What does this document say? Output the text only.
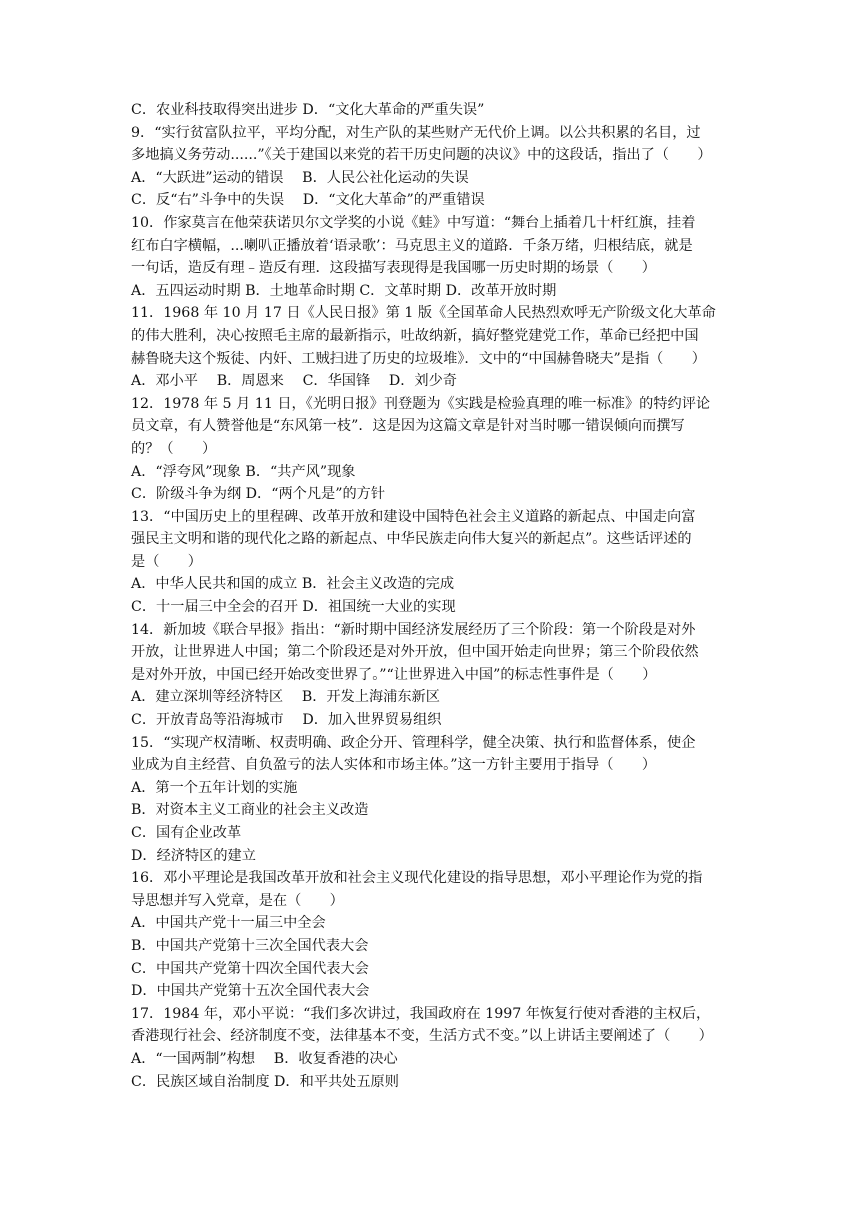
C．农业科技取得突出进步 D．“文化大革命的严重失误”
9．“实行贫富队拉平，平均分配，对生产队的某些财产无代价上调。以公共积累的名目，过
多地搞义务劳动......”《关于建国以来党的若干历史问题的决议》中的这段话，指出了（　　）
A．“大跃进”运动的错误　 B．人民公社化运动的失误
C．反“右”斗争中的失误　 D．“文化大革命”的严重错误
10．作家莫言在他荣获诺贝尔文学奖的小说《蛙》中写道：“舞台上插着几十杆红旗，挂着
红布白字横幅，...喇叭正播放着‘语录歌’：马克思主义的道路．千条万绪，归根结底，就是
一句话，造反有理﹣造反有理．这段描写表现得是我国哪一历史时期的场景（　　）
A．五四运动时期 B．土地革命时期 C．文革时期 D．改革开放时期
11．1968 年 10 月 17 日《人民日报》第 1 版《全国革命人民热烈欢呼无产阶级文化大革命
的伟大胜利，决心按照毛主席的最新指示，吐故纳新，搞好整党建党工作，革命已经把中国
赫鲁晓夫这个叛徒、内奸、工贼扫进了历史的垃圾堆》．文中的“中国赫鲁晓夫”是指（　　）
A．邓小平　 B．周恩来　 C．华国锋　 D．刘少奇
12．1978 年 5 月 11 日，《光明日报》刊登题为《实践是检验真理的唯一标准》的特约评论
员文章，有人赞誉他是“东风第一枝”．这是因为这篇文章是针对当时哪一错误倾向而撰写
的？（　　）
A．“浮夸风”现象 B．“共产风”现象
C．阶级斗争为纲 D．“两个凡是”的方针
13．“中国历史上的里程碑、改革开放和建设中国特色社会主义道路的新起点、中国走向富
强民主文明和谐的现代化之路的新起点、中华民族走向伟大复兴的新起点”。这些话评述的
是（　　）
A．中华人民共和国的成立 B．社会主义改造的完成
C．十一届三中全会的召开 D．祖国统一大业的实现
14．新加坡《联合早报》指出：“新时期中国经济发展经历了三个阶段：第一个阶段是对外
开放，让世界进人中国；第二个阶段还是对外开放，但中国开始走向世界；第三个阶段依然
是对外开放，中国已经开始改变世界了。”“让世界进入中国”的标志性事件是（　　）
A．建立深圳等经济特区　 B．开发上海浦东新区
C．开放青岛等沿海城市　 D．加入世界贸易组织
15．“实现产权清晰、权责明确、政企分开、管理科学，健全决策、执行和监督体系，使企
业成为自主经营、自负盈亏的法人实体和市场主体。”这一方针主要用于指导（　　）
A．第一个五年计划的实施
B．对资本主义工商业的社会主义改造
C．国有企业改革
D．经济特区的建立
16．邓小平理论是我国改革开放和社会主义现代化建设的指导思想，邓小平理论作为党的指
导思想并写入党章，是在（　　）
A．中国共产党十一届三中全会
B．中国共产党第十三次全国代表大会
C．中国共产党第十四次全国代表大会
D．中国共产党第十五次全国代表大会
17．1984 年，邓小平说：“我们多次讲过，我国政府在 1997 年恢复行使对香港的主权后，
香港现行社会、经济制度不变，法律基本不变，生活方式不变。”以上讲话主要阐述了（　　）
A．“一国两制”构想　 B．收复香港的决心
C．民族区域自治制度 D．和平共处五原则
